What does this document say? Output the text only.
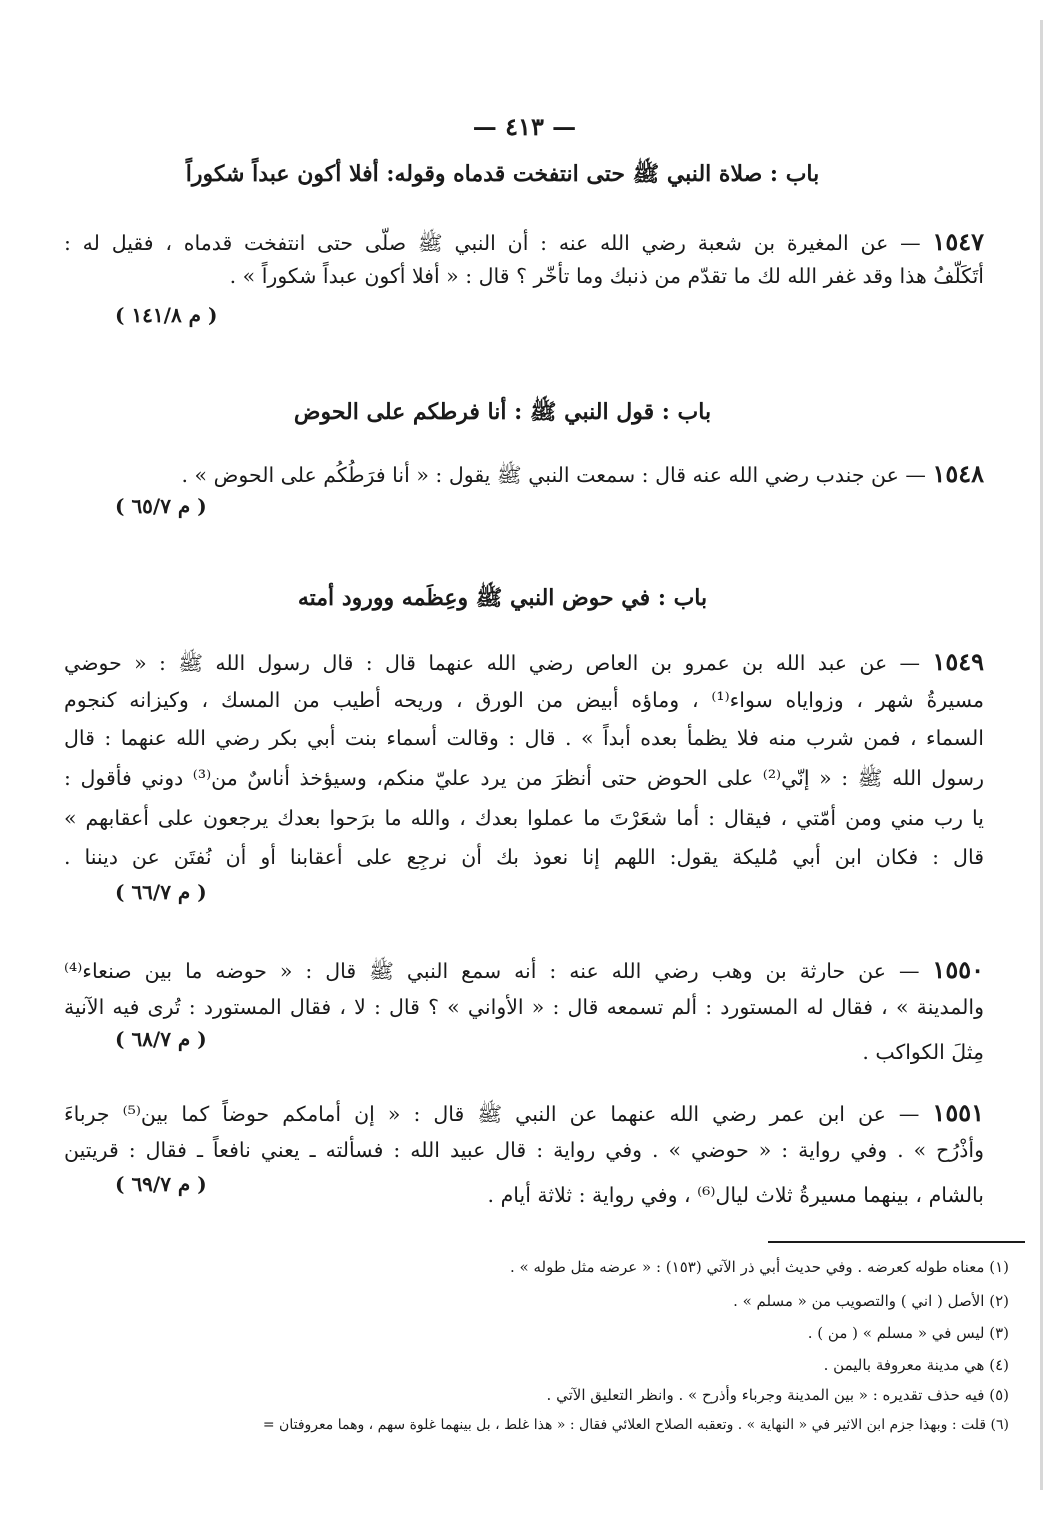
— ٤١٣ —
باب : صلاة النبي ﷺ حتى انتفخت قدماه وقوله: أفلا أكون عبداً شكوراً
١٥٤٧ — عن المغيرة بن شعبة رضي الله عنه : أن النبي ﷺ صلّى حتى انتفخت قدماه ، فقيل له :
أتَكَلّفُ هذا وقد غفر الله لك ما تقدّم من ذنبك وما تأخّر ؟ قال : « أفلا أكون عبداً شكوراً » .
( م ١٤١/٨ )
باب : قول النبي ﷺ : أنا فرطكم على الحوض
١٥٤٨ — عن جندب رضي الله عنه قال : سمعت النبي ﷺ يقول : « أنا فرَطُكُم على الحوض » .
( م ٦٥/٧ )
باب : في حوض النبي ﷺ وعِظَمه وورود أمته
١٥٤٩ — عن عبد الله بن عمرو بن العاص رضي الله عنهما قال : قال رسول الله ﷺ : « حوضي
مسيرةُ شهر ، وزواياه سواء⁽¹⁾ ، وماؤه أبيض من الورق ، وريحه أطيب من المسك ، وكيزانه كنجوم
السماء ، فمن شرب منه فلا يظمأ بعده أبداً » . قال : وقالت أسماء بنت أبي بكر رضي الله عنهما : قال
رسول الله ﷺ : « إنّي⁽²⁾ على الحوض حتى أنظرَ من يرد عليّ منكم، وسيؤخذ أناسٌ من⁽³⁾ دوني فأقول :
يا رب مني ومن أمّتي ، فيقال : أما شعَرْتَ ما عملوا بعدك ، والله ما برَحوا بعدك يرجعون على أعقابهم »
قال : فكان ابن أبي مُليكة يقول: اللهم إنا نعوذ بك أن نرجِع على أعقابنا أو أن نُفتَن عن ديننا .
( م ٦٦/٧ )
١٥٥٠ — عن حارثة بن وهب رضي الله عنه : أنه سمع النبي ﷺ قال : « حوضه ما بين صنعاء⁽⁴⁾
والمدينة » ، فقال له المستورد : ألم تسمعه قال : « الأواني » ؟ قال : لا ، فقال المستورد : تُرى فيه الآنية
مِثلَ الكواكب .
( م ٦٨/٧ )
١٥٥١ — عن ابن عمر رضي الله عنهما عن النبي ﷺ قال : « إن أمامكم حوضاً كما بين⁽⁵⁾ جرباءَ
وأذْرُح » . وفي رواية : « حوضي » . وفي رواية : قال عبيد الله : فسألته ـ يعني نافعاً ـ فقال : قريتين
بالشام ، بينهما مسيرةُ ثلاث ليال⁽⁶⁾ ، وفي رواية : ثلاثة أيام .
( م ٦٩/٧ )
(١) معناه طوله كعرضه . وفي حديث أبي ذر الآتي (١٥٣) : « عرضه مثل طوله » .
(٢) الأصل ( اني ) والتصويب من « مسلم » .
(٣) ليس في « مسلم » ( من ) .
(٤) هي مدينة معروفة باليمن .
(٥) فيه حذف تقديره : « بين المدينة وجرباء وأذرح » . وانظر التعليق الآتي .
(٦) قلت : وبهذا جزم ابن الاثير في « النهاية » . وتعقبه الصلاح العلائي فقال : « هذا غلط ، بل بينهما غلوة سهم ، وهما معروفتان =
